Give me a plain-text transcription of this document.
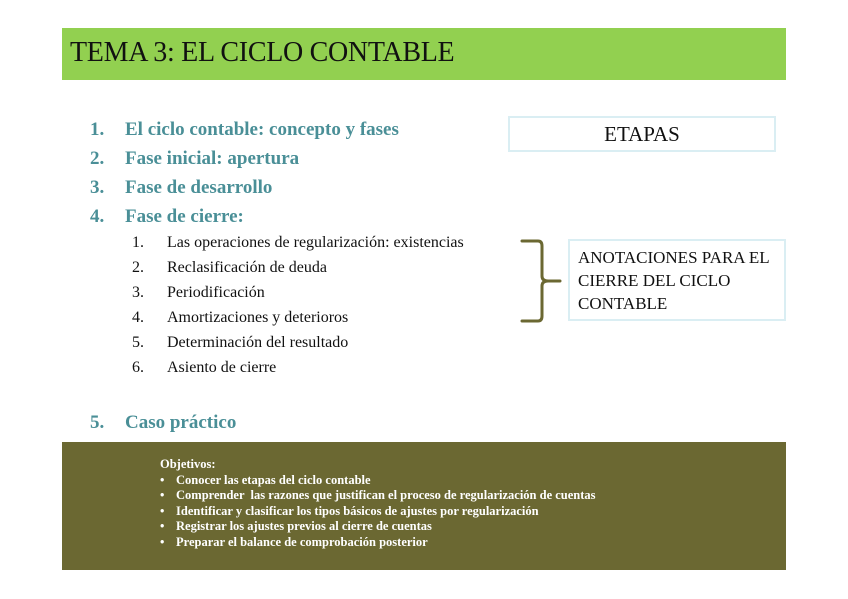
TEMA 3: EL CICLO CONTABLE
1.	El ciclo contable: concepto y fases
2.	Fase inicial: apertura
3.	Fase de desarrollo
4.	Fase de cierre:
1.	Las operaciones de regularización: existencias
2.	Reclasificación de deuda
3.	Periodificación
4.	Amortizaciones y deterioros
5.	Determinación del resultado
6.	Asiento de cierre
5.	Caso práctico
ETAPAS
ANOTACIONES PARA EL CIERRE DEL CICLO CONTABLE
Objetivos:
• Conocer las etapas del ciclo contable
• Comprender  las razones que justifican el proceso de regularización de cuentas
• Identificar y clasificar los tipos básicos de ajustes por regularización
• Registrar los ajustes previos al cierre de cuentas
• Preparar el balance de comprobación posterior
